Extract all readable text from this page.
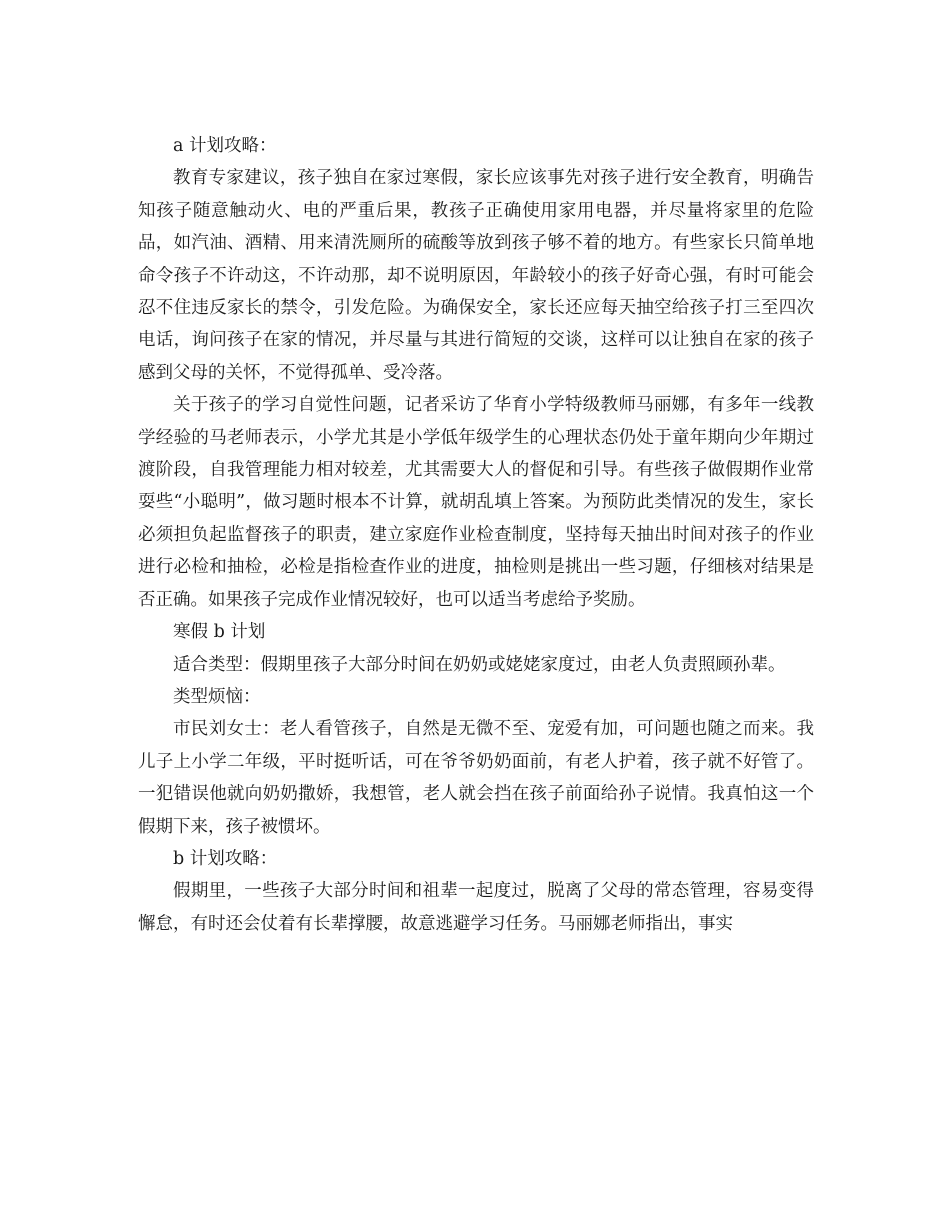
a 计划攻略：

教育专家建议，孩子独自在家过寒假，家长应该事先对孩子进行安全教育，明确告知孩子随意触动火、电的严重后果，教孩子正确使用家用电器，并尽量将家里的危险品，如汽油、酒精、用来清洗厕所的硫酸等放到孩子够不着的地方。有些家长只简单地命令孩子不许动这，不许动那，却不说明原因，年龄较小的孩子好奇心强，有时可能会忍不住违反家长的禁令，引发危险。为确保安全，家长还应每天抽空给孩子打三至四次电话，询问孩子在家的情况，并尽量与其进行简短的交谈，这样可以让独自在家的孩子感到父母的关怀，不觉得孤单、受冷落。

关于孩子的学习自觉性问题，记者采访了华育小学特级教师马丽娜，有多年一线教学经验的马老师表示，小学尤其是小学低年级学生的心理状态仍处于童年期向少年期过渡阶段，自我管理能力相对较差，尤其需要大人的督促和引导。有些孩子做假期作业常耍些“小聪明”，做习题时根本不计算，就胡乱填上答案。为预防此类情况的发生，家长必须担负起监督孩子的职责，建立家庭作业检查制度，坚持每天抽出时间对孩子的作业进行必检和抽检，必检是指检查作业的进度，抽检则是挑出一些习题，仔细核对结果是否正确。如果孩子完成作业情况较好，也可以适当考虑给予奖励。

寒假 b 计划

适合类型：假期里孩子大部分时间在奶奶或姥姥家度过，由老人负责照顾孙辈。

类型烦恼：

市民刘女士：老人看管孩子，自然是无微不至、宠爱有加，可问题也随之而来。我儿子上小学二年级，平时挺听话，可在爷爷奶奶面前，有老人护着，孩子就不好管了。一犯错误他就向奶奶撒娇，我想管，老人就会挡在孩子前面给孙子说情。我真怕这一个假期下来，孩子被惯坏。

b 计划攻略：

假期里，一些孩子大部分时间和祖辈一起度过，脱离了父母的常态管理，容易变得懈怠，有时还会仗着有长辈撑腰，故意逃避学习任务。马丽娜老师指出，事实
